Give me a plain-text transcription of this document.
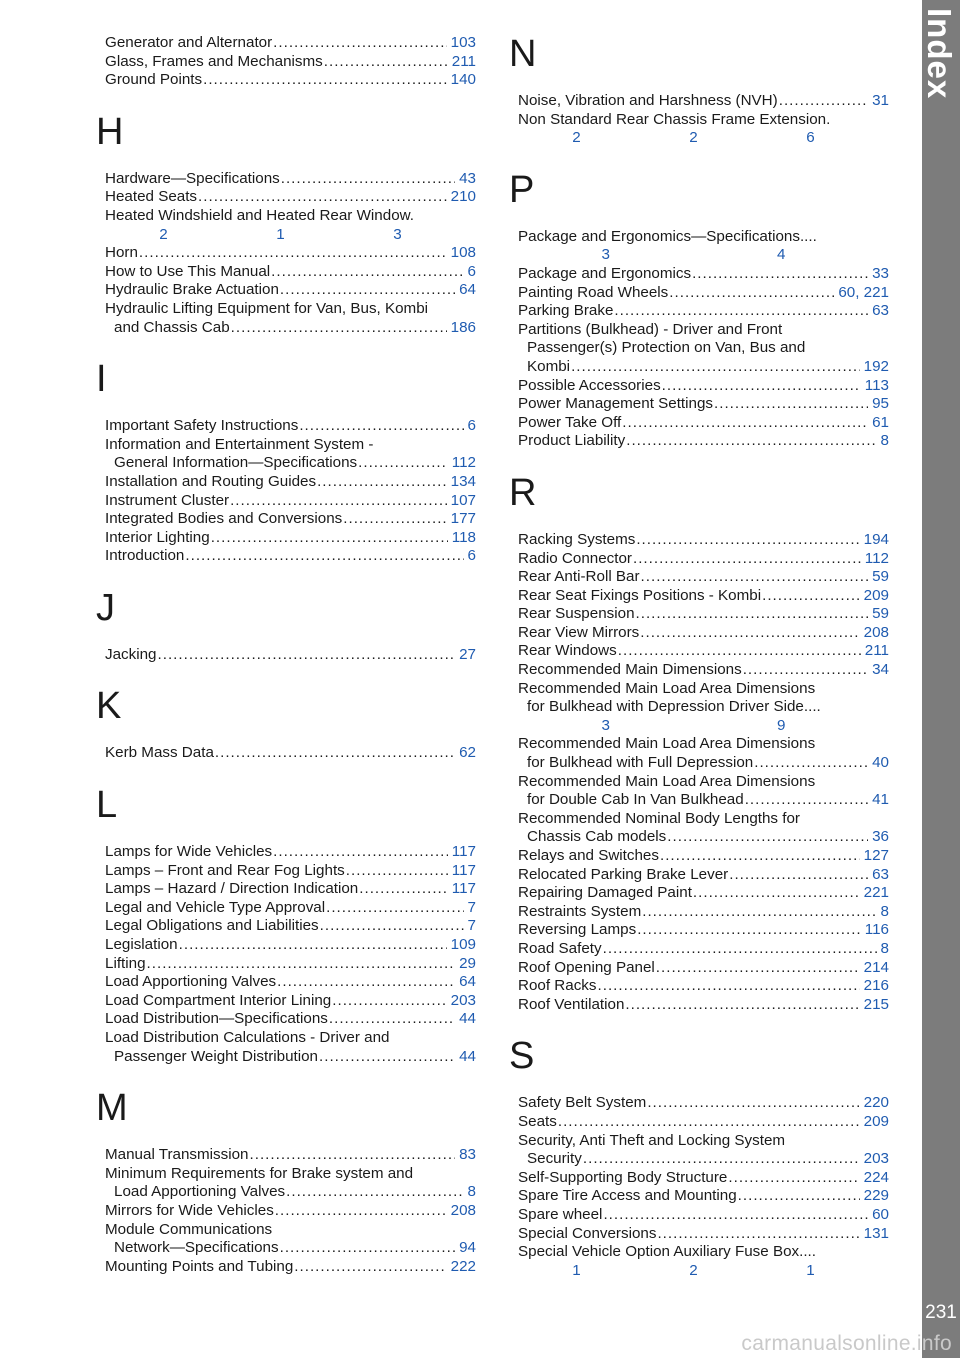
Generator and Alternator .....	103
Glass, Frames and Mechanisms .....	211
Ground Points .....	140
H
Hardware—Specifications .....	43
Heated Seats .....	210
Heated Windshield and Heated Rear Window.
2	1	3
Horn .....	108
How to Use This Manual .....	6
Hydraulic Brake Actuation .....	64
Hydraulic Lifting Equipment for Van, Bus, Kombi
and Chassis Cab .....	186
I
Important Safety Instructions .....	6
Information and Entertainment System -
General Information—Specifications .....	112
Installation and Routing Guides .....	134
Instrument Cluster .....	107
Integrated Bodies and Conversions .....	177
Interior Lighting .....	118
Introduction .....	6
J
Jacking .....	27
K
Kerb Mass Data .....	62
L
Lamps for Wide Vehicles .....	117
Lamps – Front and Rear Fog Lights .....	117
Lamps – Hazard / Direction Indication .....	117
Legal and Vehicle Type Approval .....	7
Legal Obligations and Liabilities .....	7
Legislation .....	109
Lifting .....	29
Load Apportioning Valves .....	64
Load Compartment Interior Lining .....	203
Load Distribution—Specifications .....	44
Load Distribution Calculations - Driver and
Passenger Weight Distribution .....	44
M
Manual Transmission .....	83
Minimum Requirements for Brake system and
Load Apportioning Valves .....	8
Mirrors for Wide Vehicles .....	208
Module Communications
Network—Specifications .....	94
Mounting Points and Tubing .....	222
N
Noise, Vibration and Harshness (NVH) .....	31
Non Standard Rear Chassis Frame Extension.
2	2	6
P
Package and Ergonomics—Specifications....
3	4
Package and Ergonomics .....	33
Painting Road Wheels .....	60, 221
Parking Brake .....	63
Partitions (Bulkhead) - Driver and Front
Passenger(s) Protection on Van, Bus and
Kombi .....	192
Possible Accessories .....	113
Power Management Settings .....	95
Power Take Off .....	61
Product Liability .....	8
R
Racking Systems .....	194
Radio Connector .....	112
Rear Anti-Roll Bar .....	59
Rear Seat Fixings Positions - Kombi .....	209
Rear Suspension .....	59
Rear View Mirrors .....	208
Rear Windows .....	211
Recommended Main Dimensions .....	34
Recommended Main Load Area Dimensions
for Bulkhead with Depression Driver Side....
3	9
Recommended Main Load Area Dimensions
for Bulkhead with Full Depression .....	40
Recommended Main Load Area Dimensions
for Double Cab In Van Bulkhead .....	41
Recommended Nominal Body Lengths for
Chassis Cab models .....	36
Relays and Switches .....	127
Relocated Parking Brake Lever .....	63
Repairing Damaged Paint .....	221
Restraints System .....	8
Reversing Lamps .....	116
Road Safety .....	8
Roof Opening Panel .....	214
Roof Racks .....	216
Roof Ventilation .....	215
S
Safety Belt System .....	220
Seats .....	209
Security, Anti Theft and Locking System
Security .....	203
Self-Supporting Body Structure .....	224
Spare Tire Access and Mounting .....	229
Spare wheel .....	60
Special Conversions .....	131
Special Vehicle Option Auxiliary Fuse Box....
1	2	1
Index
231
carmanualsonline.info
